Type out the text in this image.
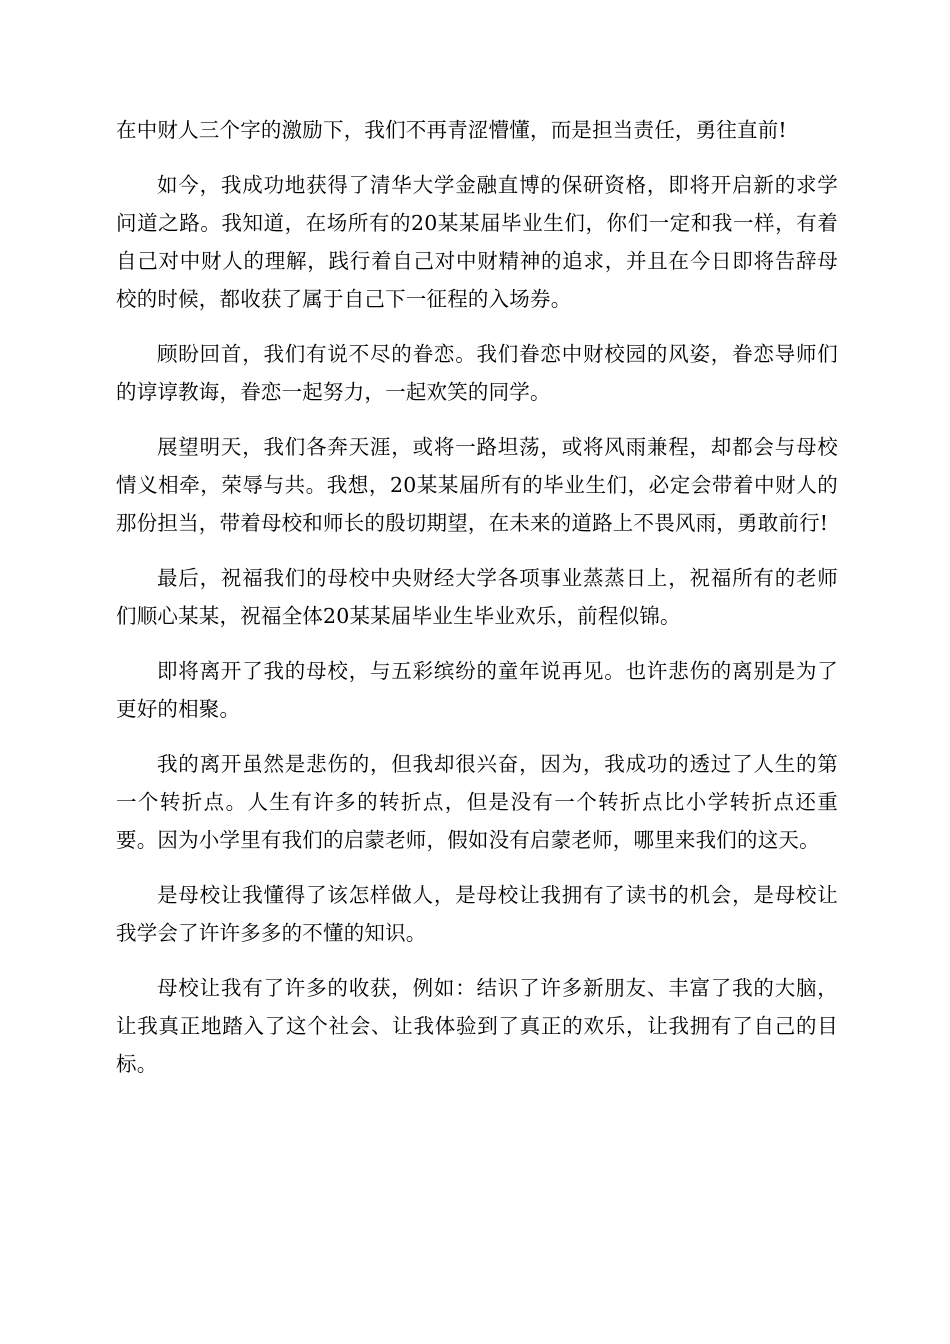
在中财人三个字的激励下，我们不再青涩懵懂，而是担当责任，勇往直前!

如今，我成功地获得了清华大学金融直博的保研资格，即将开启新的求学问道之路。我知道，在场所有的20某某届毕业生们，你们一定和我一样，有着自己对中财人的理解，践行着自己对中财精神的追求，并且在今日即将告辞母校的时候，都收获了属于自己下一征程的入场券。

顾盼回首，我们有说不尽的眷恋。我们眷恋中财校园的风姿，眷恋导师们的谆谆教诲，眷恋一起努力，一起欢笑的同学。

展望明天，我们各奔天涯，或将一路坦荡，或将风雨兼程，却都会与母校情义相牵，荣辱与共。我想，20某某届所有的毕业生们，必定会带着中财人的那份担当，带着母校和师长的殷切期望，在未来的道路上不畏风雨，勇敢前行!

最后，祝福我们的母校中央财经大学各项事业蒸蒸日上，祝福所有的老师们顺心某某，祝福全体20某某届毕业生毕业欢乐，前程似锦。

即将离开了我的母校，与五彩缤纷的童年说再见。也许悲伤的离别是为了更好的相聚。

我的离开虽然是悲伤的，但我却很兴奋，因为，我成功的透过了人生的第一个转折点。人生有许多的转折点，但是没有一个转折点比小学转折点还重要。因为小学里有我们的启蒙老师，假如没有启蒙老师，哪里来我们的这天。

是母校让我懂得了该怎样做人，是母校让我拥有了读书的机会，是母校让我学会了许许多多的不懂的知识。

母校让我有了许多的收获，例如：结识了许多新朋友、丰富了我的大脑，让我真正地踏入了这个社会、让我体验到了真正的欢乐，让我拥有了自己的目标。
